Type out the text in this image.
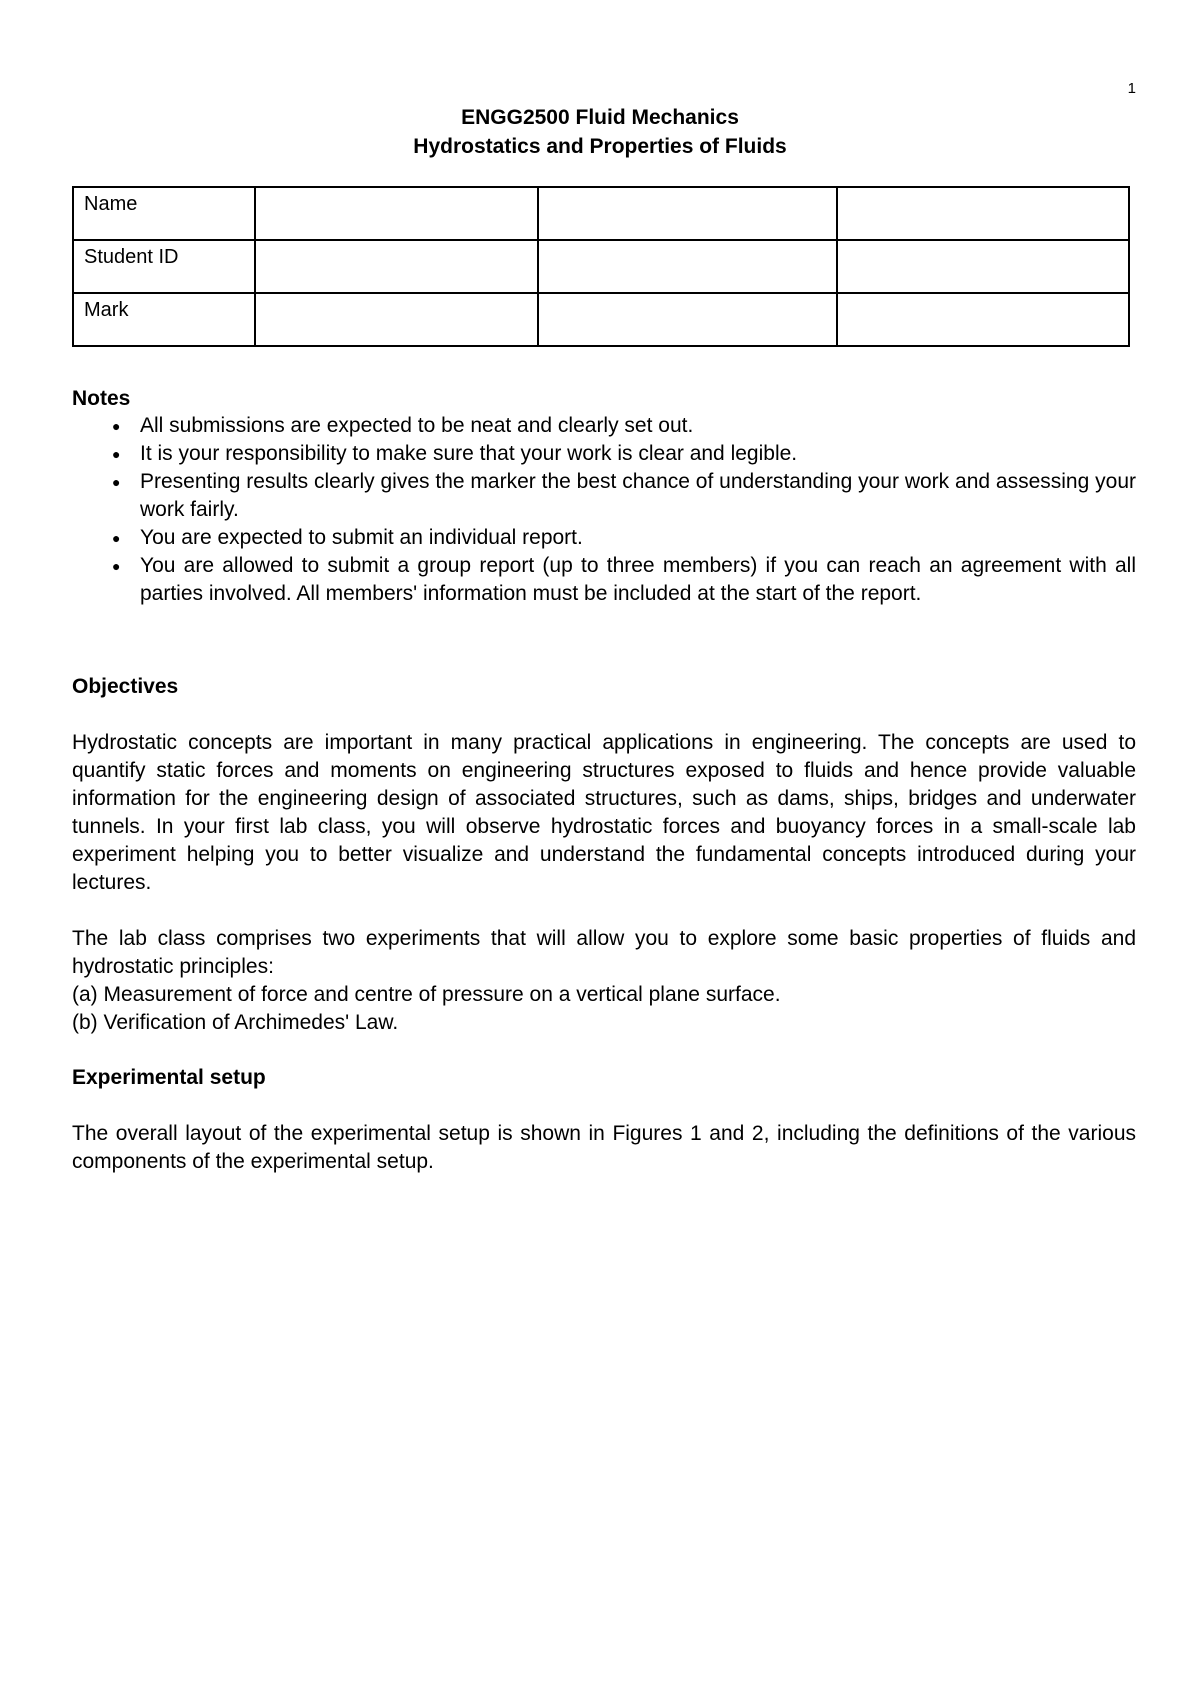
1
ENGG2500 Fluid Mechanics
Hydrostatics and Properties of Fluids
Name			
Student ID			
Mark			
Notes
● All submissions are expected to be neat and clearly set out.
● It is your responsibility to make sure that your work is clear and legible.
● Presenting results clearly gives the marker the best chance of understanding your work and assessing your work fairly.
● You are expected to submit an individual report.
● You are allowed to submit a group report (up to three members) if you can reach an agreement with all parties involved. All members' information must be included at the start of the report.
Objectives

Hydrostatic concepts are important in many practical applications in engineering. The concepts are used to quantify static forces and moments on engineering structures exposed to fluids and hence provide valuable information for the engineering design of associated structures, such as dams, ships, bridges and underwater tunnels. In your first lab class, you will observe hydrostatic forces and buoyancy forces in a small-scale lab experiment helping you to better visualize and understand the fundamental concepts introduced during your lectures.

The lab class comprises two experiments that will allow you to explore some basic properties of fluids and hydrostatic principles:

(a) Measurement of force and centre of pressure on a vertical plane surface.
(b) Verification of Archimedes' Law.
Experimental setup

The overall layout of the experimental setup is shown in Figures 1 and 2, including the definitions of the various components of the experimental setup.
